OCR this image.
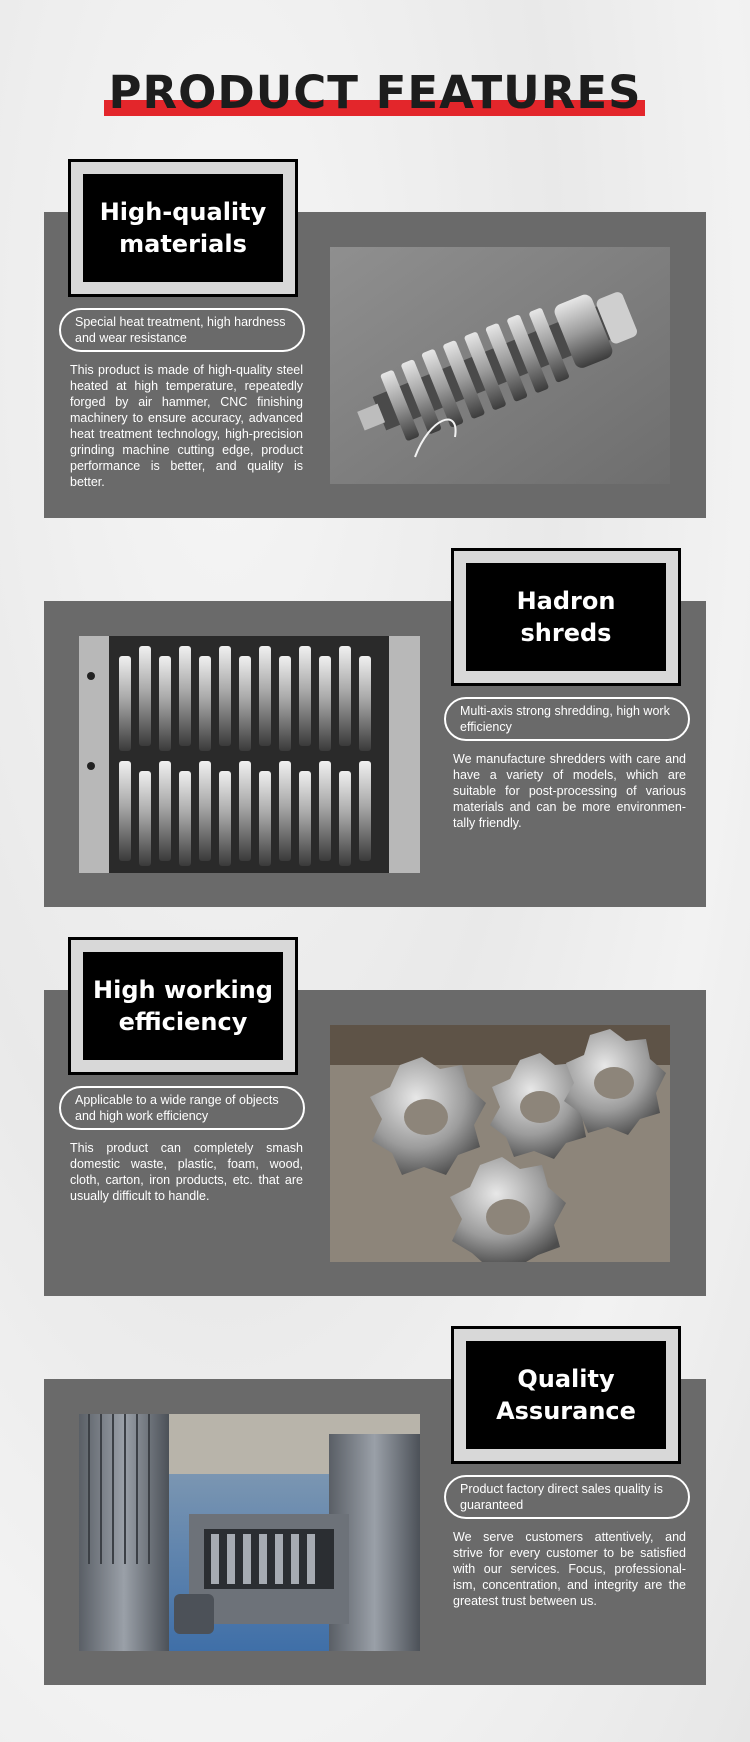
PRODUCT FEATURES
High-quality materials
Special heat treatment, high hardness and wear resistance
This product is made of high-quality steel heated at high temperature, repeatedly forged by air hammer, CNC finishing machinery to ensure accuracy, advanced heat treatment technology, high-precision grinding machine cutting edge, product performance is better, and quality is better.
Hadron shreds
Multi-axis strong shredding, high work efficiency
We manufacture shredders with care and have a variety of models, which are suitable for post-processing of various materials and can be more environmen-tally friendly.
High working efficiency
Applicable to a wide range of objects and high work efficiency
This product can completely smash domestic waste, plastic, foam, wood, cloth, carton, iron products, etc. that are usually difficult to handle.
Quality Assurance
Product factory direct sales quality is guaranteed
We serve customers attentively, and strive for every customer to be satisfied with our services. Focus, professional-ism, concentration, and integrity are the greatest trust between us.
